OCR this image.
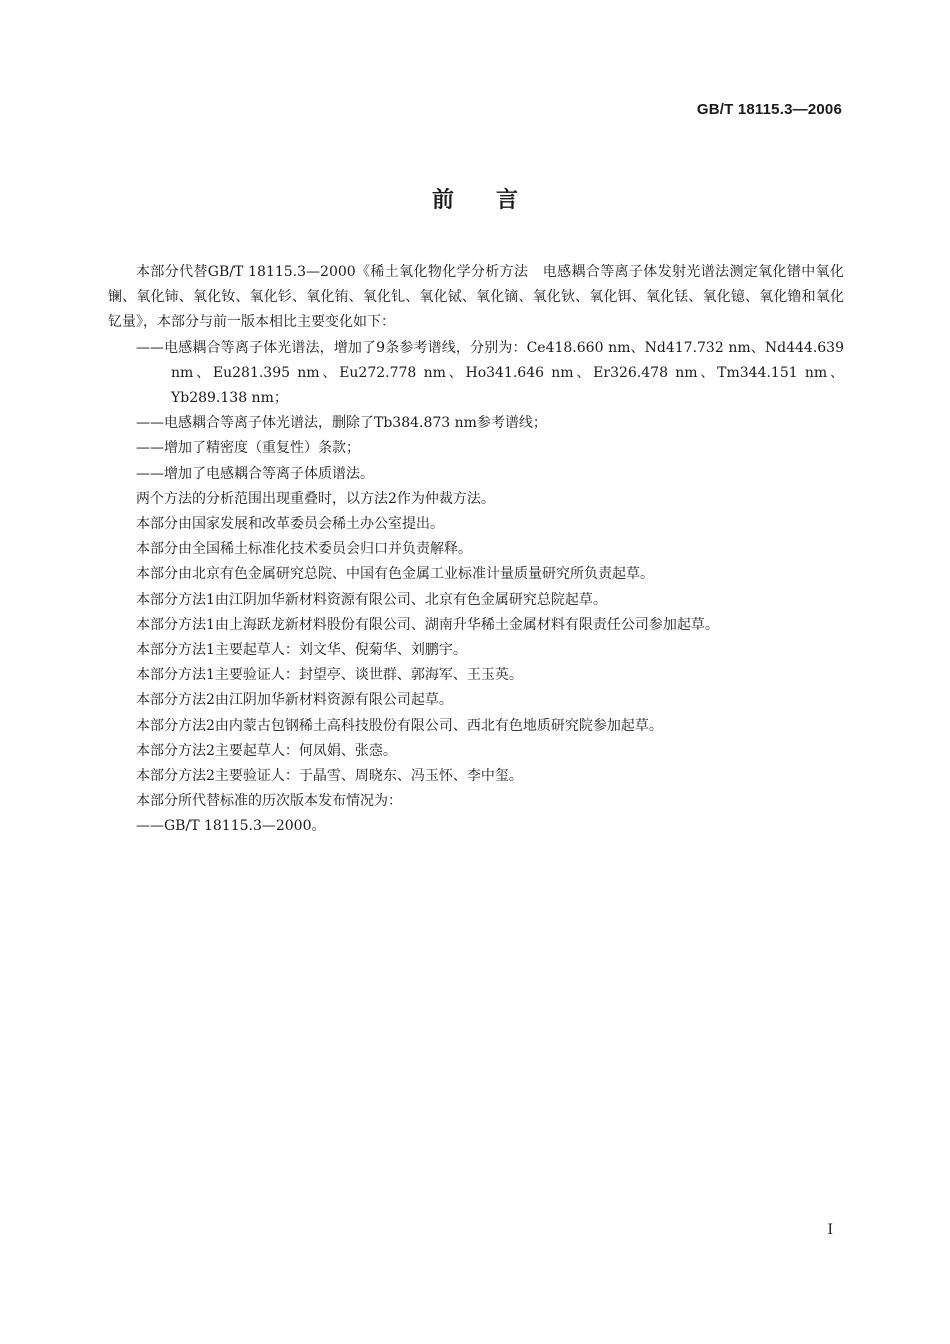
GB/T 18115.3—2006
前言

本部分代替GB/T 18115.3—2000《稀土氧化物化学分析方法　电感耦合等离子体发射光谱法测定氧化镨中氧化镧、氧化铈、氧化钕、氧化钐、氧化铕、氧化钆、氧化铽、氧化镝、氧化钬、氧化铒、氧化铥、氧化镱、氧化镥和氧化钇量》，本部分与前一版本相比主要变化如下：

——电感耦合等离子体光谱法，增加了9条参考谱线，分别为：Ce418.660 nm、Nd417.732 nm、Nd444.639 nm、Eu281.395 nm、Eu272.778 nm、Ho341.646 nm、Er326.478 nm、Tm344.151 nm、Yb289.138 nm；

——电感耦合等离子体光谱法，删除了Tb384.873 nm参考谱线；

——增加了精密度（重复性）条款；

——增加了电感耦合等离子体质谱法。

两个方法的分析范围出现重叠时，以方法2作为仲裁方法。

本部分由国家发展和改革委员会稀土办公室提出。

本部分由全国稀土标准化技术委员会归口并负责解释。

本部分由北京有色金属研究总院、中国有色金属工业标准计量质量研究所负责起草。

本部分方法1由江阴加华新材料资源有限公司、北京有色金属研究总院起草。

本部分方法1由上海跃龙新材料股份有限公司、湖南升华稀土金属材料有限责任公司参加起草。

本部分方法1主要起草人：刘文华、倪菊华、刘鹏宇。

本部分方法1主要验证人：封望亭、谈世群、郭海军、王玉英。

本部分方法2由江阴加华新材料资源有限公司起草。

本部分方法2由内蒙古包钢稀土高科技股份有限公司、西北有色地质研究院参加起草。

本部分方法2主要起草人：何凤娟、张悫。

本部分方法2主要验证人：于晶雪、周晓东、冯玉怀、李中玺。

本部分所代替标准的历次版本发布情况为：

——GB/T 18115.3—2000。

I
